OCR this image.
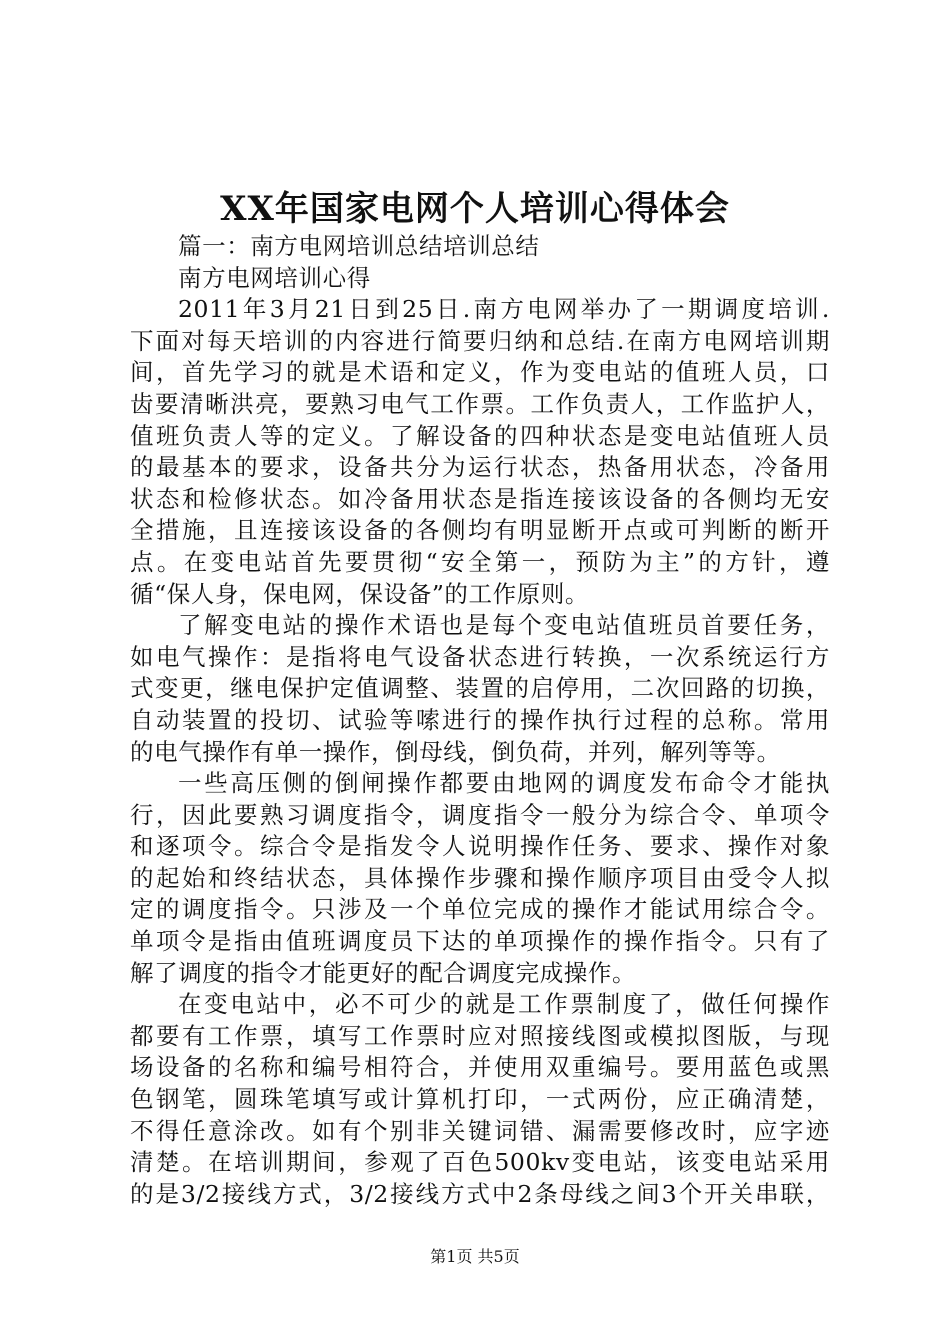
XX年国家电网个人培训心得体会
篇一：南方电网培训总结培训总结
南方电网培训心得
2011年3月21日到25日.南方电网举办了一期调度培训.
下面对每天培训的内容进行简要归纳和总结.在南方电网培训期
间，首先学习的就是术语和定义，作为变电站的值班人员，口
齿要清晰洪亮，要熟习电气工作票。工作负责人，工作监护人，
值班负责人等的定义。了解设备的四种状态是变电站值班人员
的最基本的要求，设备共分为运行状态，热备用状态，冷备用
状态和检修状态。如冷备用状态是指连接该设备的各侧均无安
全措施，且连接该设备的各侧均有明显断开点或可判断的断开
点。在变电站首先要贯彻“安全第一，预防为主”的方针，遵
循“保人身，保电网，保设备”的工作原则。
了解变电站的操作术语也是每个变电站值班员首要任务，
如电气操作：是指将电气设备状态进行转换，一次系统运行方
式变更，继电保护定值调整、装置的启停用，二次回路的切换，
自动装置的投切、试验等嗦进行的操作执行过程的总称。常用
的电气操作有单一操作，倒母线，倒负荷，并列，解列等等。
一些高压侧的倒闸操作都要由地网的调度发布命令才能执
行，因此要熟习调度指令，调度指令一般分为综合令、单项令
和逐项令。综合令是指发令人说明操作任务、要求、操作对象
的起始和终结状态，具体操作步骤和操作顺序项目由受令人拟
定的调度指令。只涉及一个单位完成的操作才能试用综合令。
单项令是指由值班调度员下达的单项操作的操作指令。只有了
解了调度的指令才能更好的配合调度完成操作。
在变电站中，必不可少的就是工作票制度了，做任何操作
都要有工作票，填写工作票时应对照接线图或模拟图版，与现
场设备的名称和编号相符合，并使用双重编号。要用蓝色或黑
色钢笔，圆珠笔填写或计算机打印，一式两份，应正确清楚，
不得任意涂改。如有个别非关键词错、漏需要修改时，应字迹
清楚。在培训期间，参观了百色500kv变电站，该变电站采用
的是3/2接线方式，3/2接线方式中2条母线之间3个开关串联，
第1页 共5页
